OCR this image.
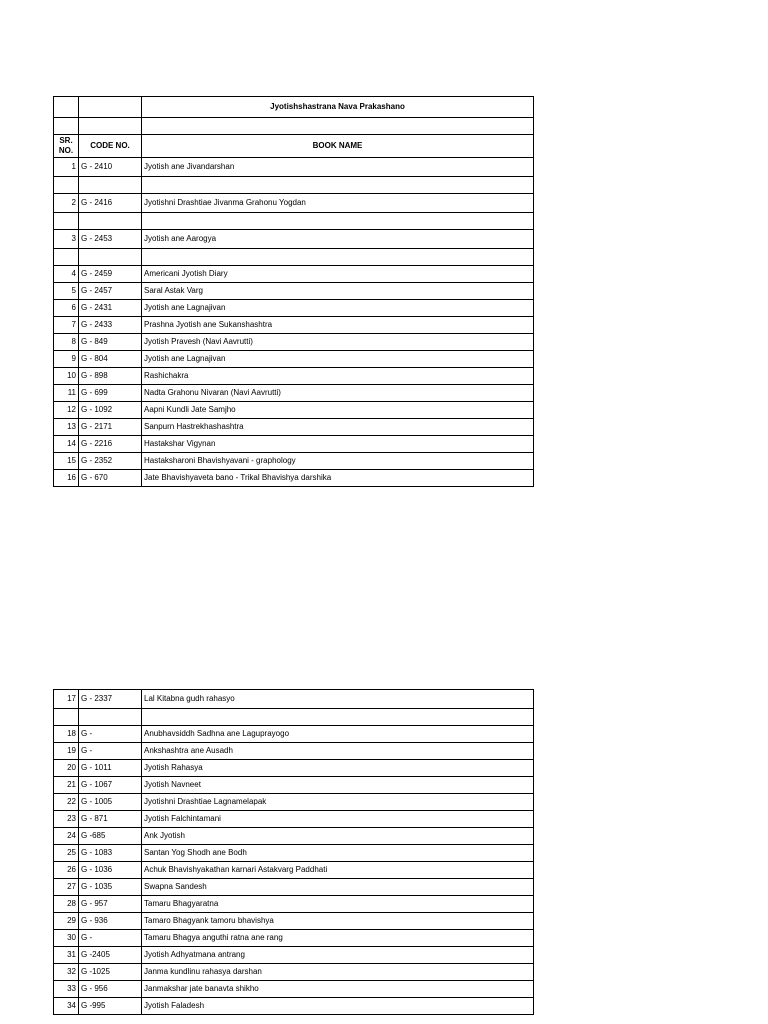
		Jyotishshastrana Nava Prakashano

SR. NO.	CODE NO.	BOOK NAME
1	G - 2410	Jyotish ane Jivandarshan

2	G - 2416	Jyotishni Drashtiae Jivanma Grahonu Yogdan

3	G - 2453	Jyotish ane Aarogya

4	G - 2459	Americani Jyotish Diary
5	G - 2457	Saral Astak Varg
6	G - 2431	Jyotish ane Lagnajivan
7	G - 2433	Prashna Jyotish ane Sukanshashtra
8	G - 849	Jyotish Pravesh (Navi Aavrutti)
9	G - 804	Jyotish ane Lagnajivan
10	G - 898	Rashichakra
11	G - 699	Nadta Grahonu Nivaran (Navi Aavrutti)
12	G - 1092	Aapni Kundli Jate Samjho
13	G - 2171	Sanpurn Hastrekhashashtra
14	G - 2216	Hastakshar Vigynan
15	G - 2352	Hastaksharoni Bhavishyavani - graphology
16	G - 670	Jate Bhavishyaveta bano - Trikal Bhavishya darshika
17	G - 2337	Lal Kitabna gudh rahasyo

18	G -	Anubhavsiddh Sadhna ane Laguprayogo
19	G -	Ankshashtra ane Ausadh
20	G - 1011	Jyotish Rahasya
21	G - 1067	Jyotish Navneet
22	G - 1005	Jyotishni Drashtiae Lagnamelapak
23	G - 871	Jyotish Falchintamani
24	G -685	Ank Jyotish
25	G - 1083	Santan Yog Shodh ane Bodh
26	G - 1036	Achuk Bhavishyakathan karnari Astakvarg Paddhati
27	G - 1035	Swapna Sandesh
28	G - 957	Tamaru Bhagyaratna
29	G - 936	Tamaro Bhagyank tamoru bhavishya
30	G -	Tamaru Bhagya anguthi ratna ane rang
31	G -2405	Jyotish Adhyatmana antrang
32	G -1025	Janma kundlinu rahasya darshan
33	G - 956	Janmakshar jate banavta shikho
34	G -995	Jyotish Faladesh
